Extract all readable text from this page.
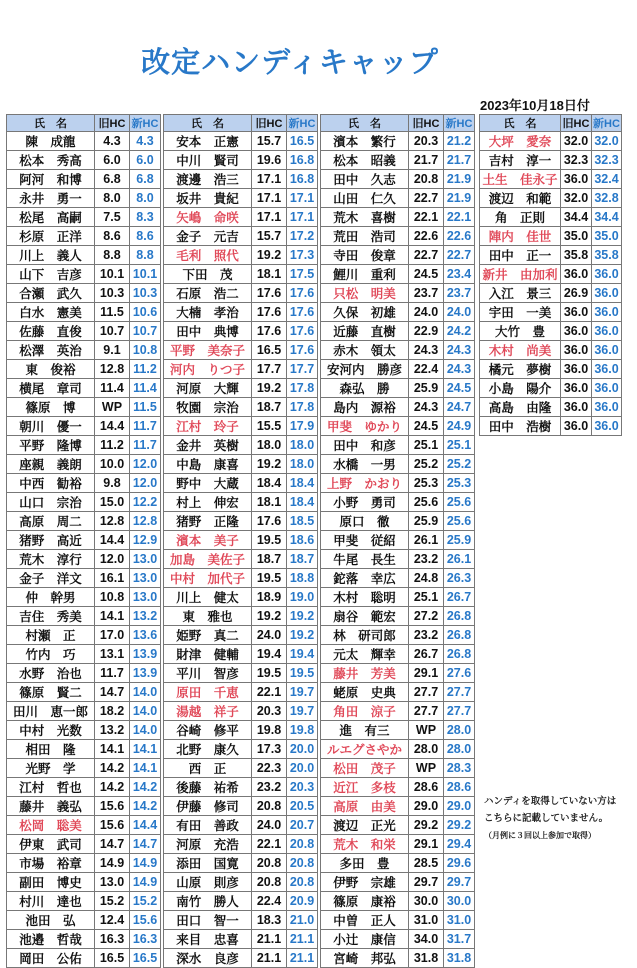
改定ハンディキャップ
2023年10月18日付
氏　名	旧HC	新HC
陳　成龍	4.3	4.3
松本　秀高	6.0	6.0
阿河　和博	6.8	6.8
永井　勇一	8.0	8.0
松尾　高嗣	7.5	8.3
杉原　正洋	8.6	8.6
川上　義人	8.8	8.8
山下　吉彦	10.1	10.1
合瀬　武久	10.3	10.3
白水　憲美	11.5	10.6
佐藤　直俊	10.7	10.7
松澤　英治	9.1	10.8
東　俊裕	12.8	11.2
横尾　章司	11.4	11.4
篠原　博	WP	11.5
朝川　優一	14.4	11.7
平野　隆博	11.2	11.7
座親　義朗	10.0	12.0
中西　勧裕	9.8	12.0
山口　宗治	15.0	12.2
高原　周二	12.8	12.8
猪野　高近	14.4	12.9
荒木　淳行	12.0	13.0
金子　洋文	16.1	13.0
仲　幹男	10.8	13.0
吉住　秀美	14.1	13.2
村瀬　正	17.0	13.6
竹内　巧	13.1	13.9
水野　治也	11.7	13.9
篠原　賢二	14.7	14.0
田川　恵一郎	18.2	14.0
中村　光数	13.2	14.0
相田　隆	14.1	14.1
光野　学	14.2	14.1
江村　哲也	14.2	14.2
藤井　義弘	15.6	14.2
松岡　聡美	15.6	14.4
伊東　武司	14.7	14.7
市場　裕章	14.9	14.9
副田　博史	13.0	14.9
村川　達也	15.2	15.2
池田　弘	12.4	15.6
池邉　哲哉	16.3	16.3
岡田　公佑	16.5	16.5
氏　名	旧HC	新HC
安本　正憲	15.7	16.5
中川　賢司	19.6	16.8
渡邊　浩三	17.1	16.8
坂井　貴紀	17.1	17.1
矢嶋　命咲	17.1	17.1
金子　元吉	15.7	17.2
毛利　照代	19.2	17.3
下田　茂	18.1	17.5
石原　浩二	17.6	17.6
大楠　孝治	17.6	17.6
田中　典博	17.6	17.6
平野　美奈子	16.5	17.6
河内　りつ子	17.7	17.7
河原　大輝	19.2	17.8
牧園　宗治	18.7	17.8
江村　玲子	15.5	17.9
金井　英樹	18.0	18.0
中島　康喜	19.2	18.0
野中　大蔵	18.4	18.4
村上　伸宏	18.1	18.4
猪野　正隆	17.6	18.5
濱本　美子	19.5	18.6
加島　美佐子	18.7	18.7
中村　加代子	19.5	18.8
川上　健太	18.9	19.0
東　雅也	19.2	19.2
姫野　真二	24.0	19.2
財津　健輔	19.4	19.4
平川　智彦	19.5	19.5
原田　千恵	22.1	19.7
湯越　祥子	20.3	19.7
谷崎　修平	19.8	19.8
北野　康久	17.3	20.0
西　正	22.3	20.0
後藤　祐希	23.2	20.3
伊藤　修司	20.8	20.5
有田　善政	24.0	20.7
河原　充浩	22.1	20.8
添田　国寛	20.8	20.8
山原　則彦	20.8	20.8
南竹　勝人	22.4	20.9
田口　智一	18.3	21.0
来目　忠喜	21.1	21.1
深水　良彦	21.1	21.1
氏　名	旧HC	新HC
濱本　繁行	20.3	21.2
松本　昭義	21.7	21.7
田中　久志	20.8	21.9
山田　仁久	22.7	21.9
荒木　喜樹	22.1	22.1
荒田　浩司	22.6	22.6
寺田　俊章	22.7	22.7
鯉川　重利	24.5	23.4
只松　明美	23.7	23.7
久保　初雄	24.0	24.0
近藤　直樹	22.9	24.2
赤木　領太	24.3	24.3
安河内　勝彦	22.4	24.3
森弘　勝	25.9	24.5
島内　源裕	24.3	24.7
甲斐　ゆかり	24.5	24.9
田中　和彦	25.1	25.1
水橋　一男	25.2	25.2
上野　かおり	25.3	25.3
小野　勇司	25.6	25.6
原口　徹	25.9	25.6
甲斐　従紹	26.1	25.9
牛尾　長生	23.2	26.1
鉈落　幸広	24.8	26.3
木村　聡明	25.1	26.7
扇谷　範宏	27.2	26.8
林　研司郎	23.2	26.8
元太　輝幸	26.7	26.8
藤井　芳美	29.1	27.6
蛯原　史典	27.7	27.7
角田　涼子	27.7	27.7
進　有三	WP	28.0
ルエグさやか	28.0	28.0
松田　茂子	WP	28.3
近江　多枝	28.6	28.6
高原　由美	29.0	29.0
渡辺　正光	29.2	29.2
荒木　和栄	29.1	29.4
多田　豊	28.5	29.6
伊野　宗雄	29.7	29.7
篠原　康裕	30.0	30.0
中曽　正人	31.0	31.0
小辻　康信	34.0	31.7
宮崎　邦弘	31.8	31.8
氏　名	旧HC	新HC
大坪　愛奈	32.0	32.0
吉村　淳一	32.3	32.3
土生　佳永子	36.0	32.4
渡辺　和範	32.0	32.8
角　正則	34.4	34.4
陣内　佳世	35.0	35.0
田中　正一	35.8	35.8
新井　由加利	36.0	36.0
入江　景三	26.9	36.0
宇田　一美	36.0	36.0
大竹　豊	36.0	36.0
木村　尚美	36.0	36.0
橘元　夢樹	36.0	36.0
小島　陽介	36.0	36.0
高島　由隆	36.0	36.0
田中　浩樹	36.0	36.0
ハンディを取得していない方は
こちらに記載していません。
（月例に３回以上参加で取得）
